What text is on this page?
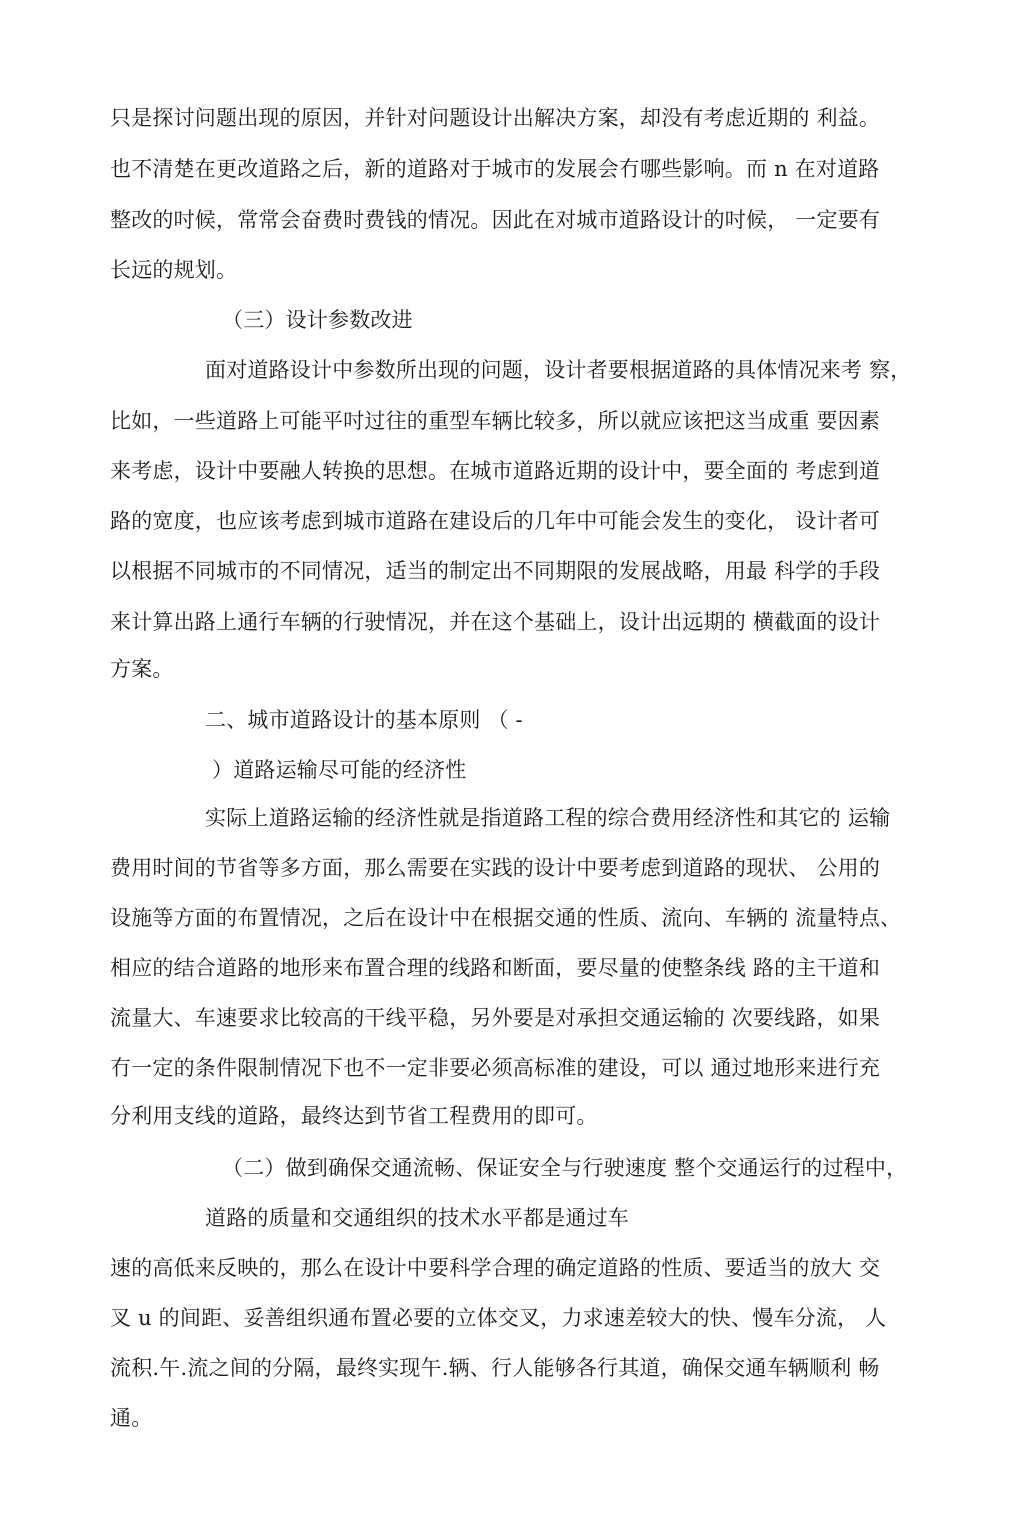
只是探讨问题出现的原因，并针对问题设计出解决方案，却没有考虑近期的 利益。
也不清楚在更改道路之后，新的道路对于城市的发展会冇哪些影响。而 n 在对道路
整改的吋候，常常会奋费时费钱的情况。因此在对城市道路设计的吋候， 一定要有
长远的规划。
（三）设计参数改进
面对道路设计中参数所出现的问题，设计者要根据道路的具体情况来考 察，
比如，一些道路上可能平吋过往的重型车辆比较多，所以就应该把这当成重 要因素
来考虑，设计中要融人转换的思想。在城市道路近期的设计中，要全面的 考虑到道
路的宽度，也应该考虑到城市道路在建设后的几年中可能会发生的变化， 设计者可
以根据不同城市的不同情况，适当的制定出不同期限的发展战略，用最 科学的手段
来计算出路上通行车辆的行驶情况，并在这个基础上，设计出远期的 横截面的设计
方案。
二、城市道路设计的基本原则 （ -
）道路运输尽可能的经济性
实际上道路运输的经济性就是指道路工程的综合费用经济性和其它的 运输
费用时间的节省等多方面，那么需要在实践的设计中要考虑到道路的现状、 公用的
设施等方面的布置情况，之后在设计中在根据交通的性质、流向、车辆的 流量特点、
相应的结合道路的地形来布置合理的线路和断面，要尽量的使整条线 路的主干道和
流量大、车速要求比较高的干线平稳，另外要是对承担交通运输的 次要线路，如果
冇一定的条件限制情况下也不一定非要必须高标准的建设，可以 通过地形来进行充
分利用支线的道路，最终达到节省工程费用的即可。
（二）做到确保交通流畅、保证安全与行驶速度 整个交通运行的过程中，
道路的质量和交通组织的技术水平都是通过车
速的高低来反映的，那么在设计中要科学合理的确定道路的性质、要适当的放大 交
叉 u 的间距、妥善组织通布置必要的立体交叉，力求速差较大的快、慢车分流， 人
流积.午.流之间的分隔，最终实现午.辆、行人能够各行其道，确保交通车辆顺利 畅
通。
